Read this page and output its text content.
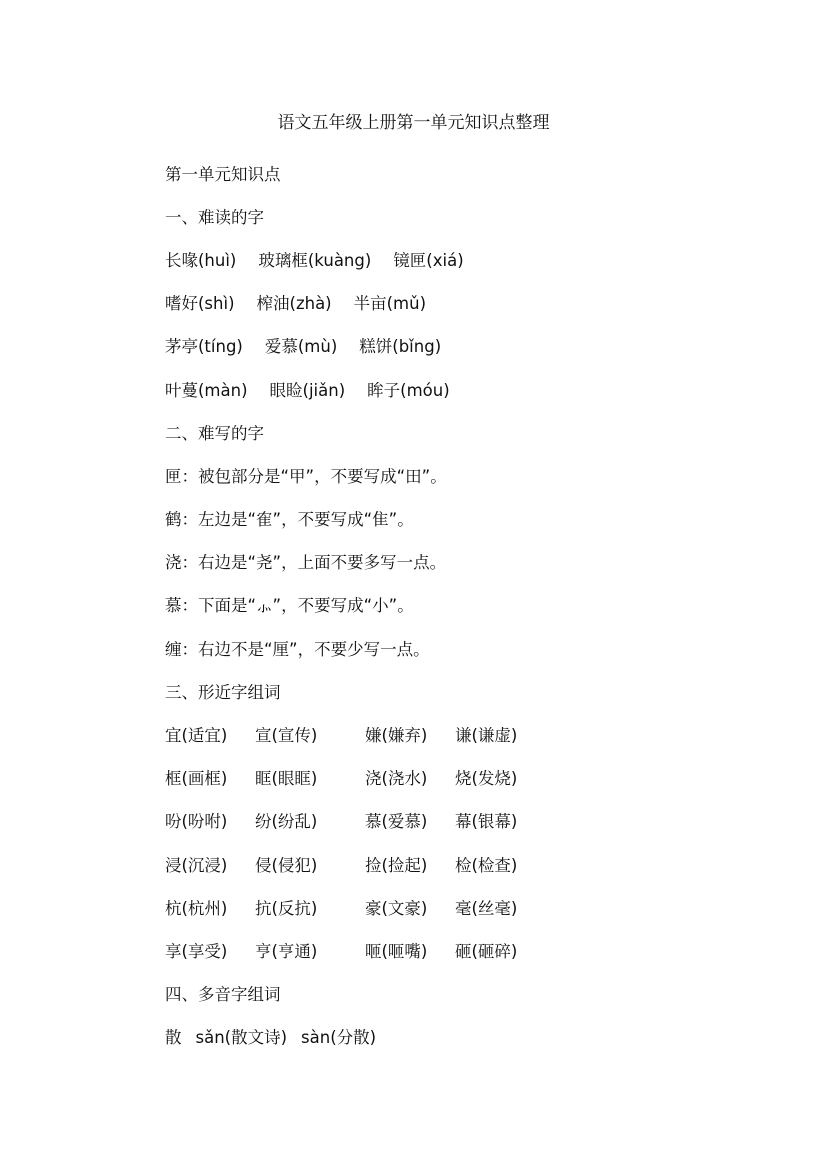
语文五年级上册第一单元知识点整理
第一单元知识点
一、难读的字
长喙(huì) 玻璃框(kuàng) 镜匣(xiá)
嗜好(shì) 榨油(zhà) 半亩(mǔ)
茅亭(tíng) 爱慕(mù) 糕饼(bǐng)
叶蔓(màn) 眼睑(jiǎn) 眸子(móu)
二、难写的字
匣：被包部分是“甲”，不要写成“田”。
鹤：左边是“隺”，不要写成“隹”。
浇：右边是“尧”，上面不要多写一点。
慕：下面是“⺗”，不要写成“小”。
缠：右边不是“厘”，不要少写一点。
三、形近字组词
宜(适宜)	宣(宣传)	嫌(嫌弃)	谦(谦虚)
框(画框)	眶(眼眶)	浇(浇水)	烧(发烧)
吩(吩咐)	纷(纷乱)	慕(爱慕)	幕(银幕)
浸(沉浸)	侵(侵犯)	捡(捡起)	检(检查)
杭(杭州)	抗(反抗)	豪(文豪)	毫(丝毫)
享(享受)	亨(亨通)	咂(咂嘴)	砸(砸碎)
四、多音字组词
散 sǎn(散文诗) sàn(分散)
